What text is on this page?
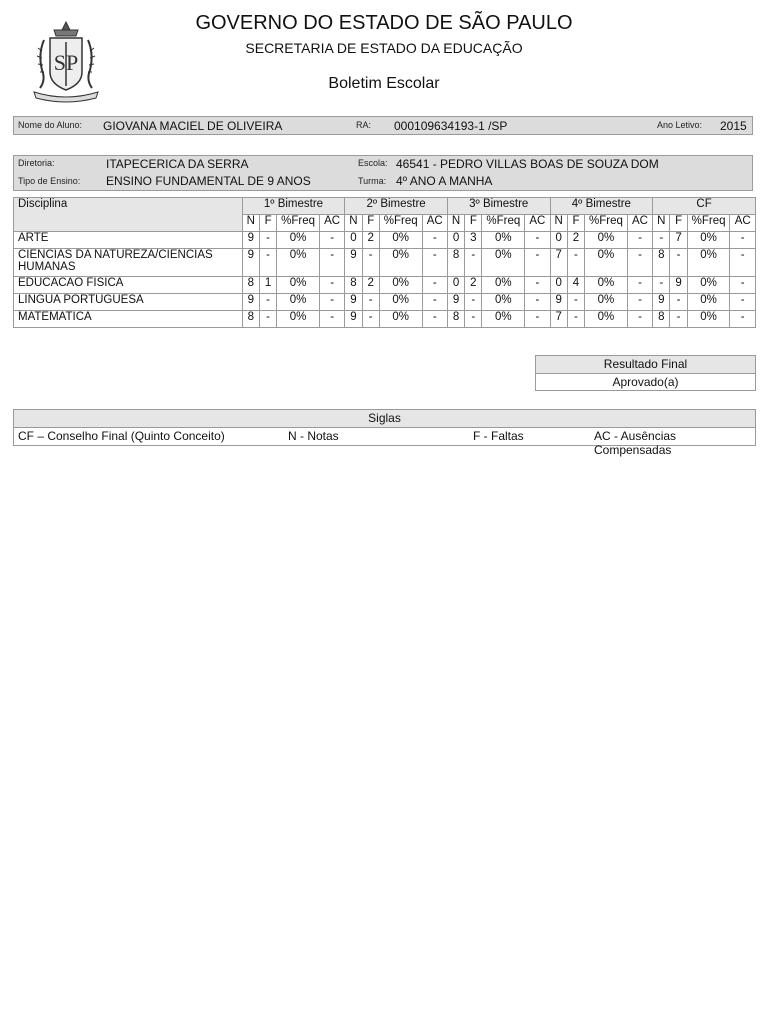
SP
GOVERNO DO ESTADO DE SÃO PAULO
SECRETARIA DE ESTADO DA EDUCAÇÃO
Boletim Escolar
Nome do Aluno: GIOVANA MACIEL DE OLIVEIRA	RA: 000109634193-1 /SP	Ano Letivo: 2015
Diretoria:	ITAPECERICA DA SERRA	Escola: 46541 - PEDRO VILLAS BOAS DE SOUZA DOM
Tipo de Ensino: ENSINO FUNDAMENTAL DE 9 ANOS	Turma: 4º ANO A MANHA
Disciplina	1º Bimestre				2º Bimestre				3º Bimestre				4º Bimestre				CF			
	N	F	%Freq	AC	N	F	%Freq	AC	N	F	%Freq	AC	N	F	%Freq	AC	N	F	%Freq	AC
ARTE	9	-	0%	-	0	2	0%	-	0	3	0%	-	0	2	0%	-	-	7	0%	-
CIENCIAS DA NATUREZA/CIENCIAS HUMANAS	9	-	0%	-	9	-	0%	-	8	-	0%	-	7	-	0%	-	8	-	0%	-
EDUCACAO FISICA	8	1	0%	-	8	2	0%	-	0	2	0%	-	0	4	0%	-	-	9	0%	-
LINGUA PORTUGUESA	9	-	0%	-	9	-	0%	-	9	-	0%	-	9	-	0%	-	9	-	0%	-
MATEMATICA	8	-	0%	-	9	-	0%	-	8	-	0%	-	7	-	0%	-	8	-	0%	-
Resultado Final
Aprovado(a)
Siglas
CF – Conselho Final (Quinto Conceito)	N - Notas	F - Faltas	AC - Ausências Compensadas
